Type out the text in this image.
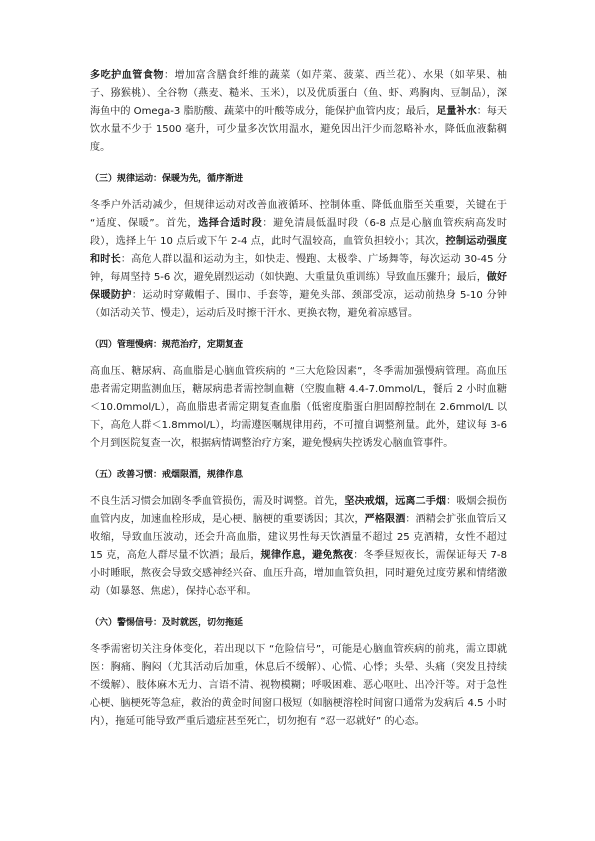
多吃护血管食物：增加富含膳食纤维的蔬菜（如芹菜、菠菜、西兰花）、水果（如苹果、柚子、猕猴桃）、全谷物（燕麦、糙米、玉米），以及优质蛋白（鱼、虾、鸡胸肉、豆制品），深海鱼中的 Omega-3 脂肪酸、蔬菜中的叶酸等成分，能保护血管内皮；最后，足量补水：每天饮水量不少于 1500 毫升，可少量多次饮用温水，避免因出汗少而忽略补水，降低血液黏稠度。

（三）规律运动：保暖为先，循序渐进

冬季户外活动减少，但规律运动对改善血液循环、控制体重、降低血脂至关重要，关键在于 “适度、保暖”。首先，选择合适时段：避免清晨低温时段（6-8 点是心脑血管疾病高发时段），选择上午 10 点后或下午 2-4 点，此时气温较高，血管负担较小；其次，控制运动强度和时长：高危人群以温和运动为主，如快走、慢跑、太极拳、广场舞等，每次运动 30-45 分钟，每周坚持 5-6 次，避免剧烈运动（如快跑、大重量负重训练）导致血压骤升；最后，做好保暖防护：运动时穿戴帽子、围巾、手套等，避免头部、颈部受凉，运动前热身 5-10 分钟（如活动关节、慢走），运动后及时擦干汗水、更换衣物，避免着凉感冒。

（四）管理慢病：规范治疗，定期复查

高血压、糖尿病、高血脂是心脑血管疾病的 “三大危险因素”，冬季需加强慢病管理。高血压患者需定期监测血压，糖尿病患者需控制血糖（空腹血糖 4.4-7.0mmol/L，餐后 2 小时血糖＜10.0mmol/L），高血脂患者需定期复查血脂（低密度脂蛋白胆固醇控制在 2.6mmol/L 以下，高危人群＜1.8mmol/L），均需遵医嘱规律用药，不可擅自调整剂量。此外，建议每 3-6 个月到医院复查一次，根据病情调整治疗方案，避免慢病失控诱发心脑血管事件。

（五）改善习惯：戒烟限酒，规律作息

不良生活习惯会加剧冬季血管损伤，需及时调整。首先，坚决戒烟，远离二手烟：吸烟会损伤血管内皮，加速血栓形成，是心梗、脑梗的重要诱因；其次，严格限酒：酒精会扩张血管后又收缩，导致血压波动，还会升高血脂，建议男性每天饮酒量不超过 25 克酒精，女性不超过 15 克，高危人群尽量不饮酒；最后，规律作息，避免熬夜：冬季昼短夜长，需保证每天 7-8 小时睡眠，熬夜会导致交感神经兴奋、血压升高，增加血管负担，同时避免过度劳累和情绪激动（如暴怒、焦虑），保持心态平和。

（六）警惕信号：及时就医，切勿拖延

冬季需密切关注身体变化，若出现以下 “危险信号”，可能是心脑血管疾病的前兆，需立即就医：胸痛、胸闷（尤其活动后加重，休息后不缓解）、心慌、心悸；头晕、头痛（突发且持续不缓解）、肢体麻木无力、言语不清、视物模糊；呼吸困难、恶心呕吐、出冷汗等。对于急性心梗、脑梗死等急症，救治的黄金时间窗口极短（如脑梗溶栓时间窗口通常为发病后 4.5 小时内），拖延可能导致严重后遗症甚至死亡，切勿抱有 “忍一忍就好” 的心态。
